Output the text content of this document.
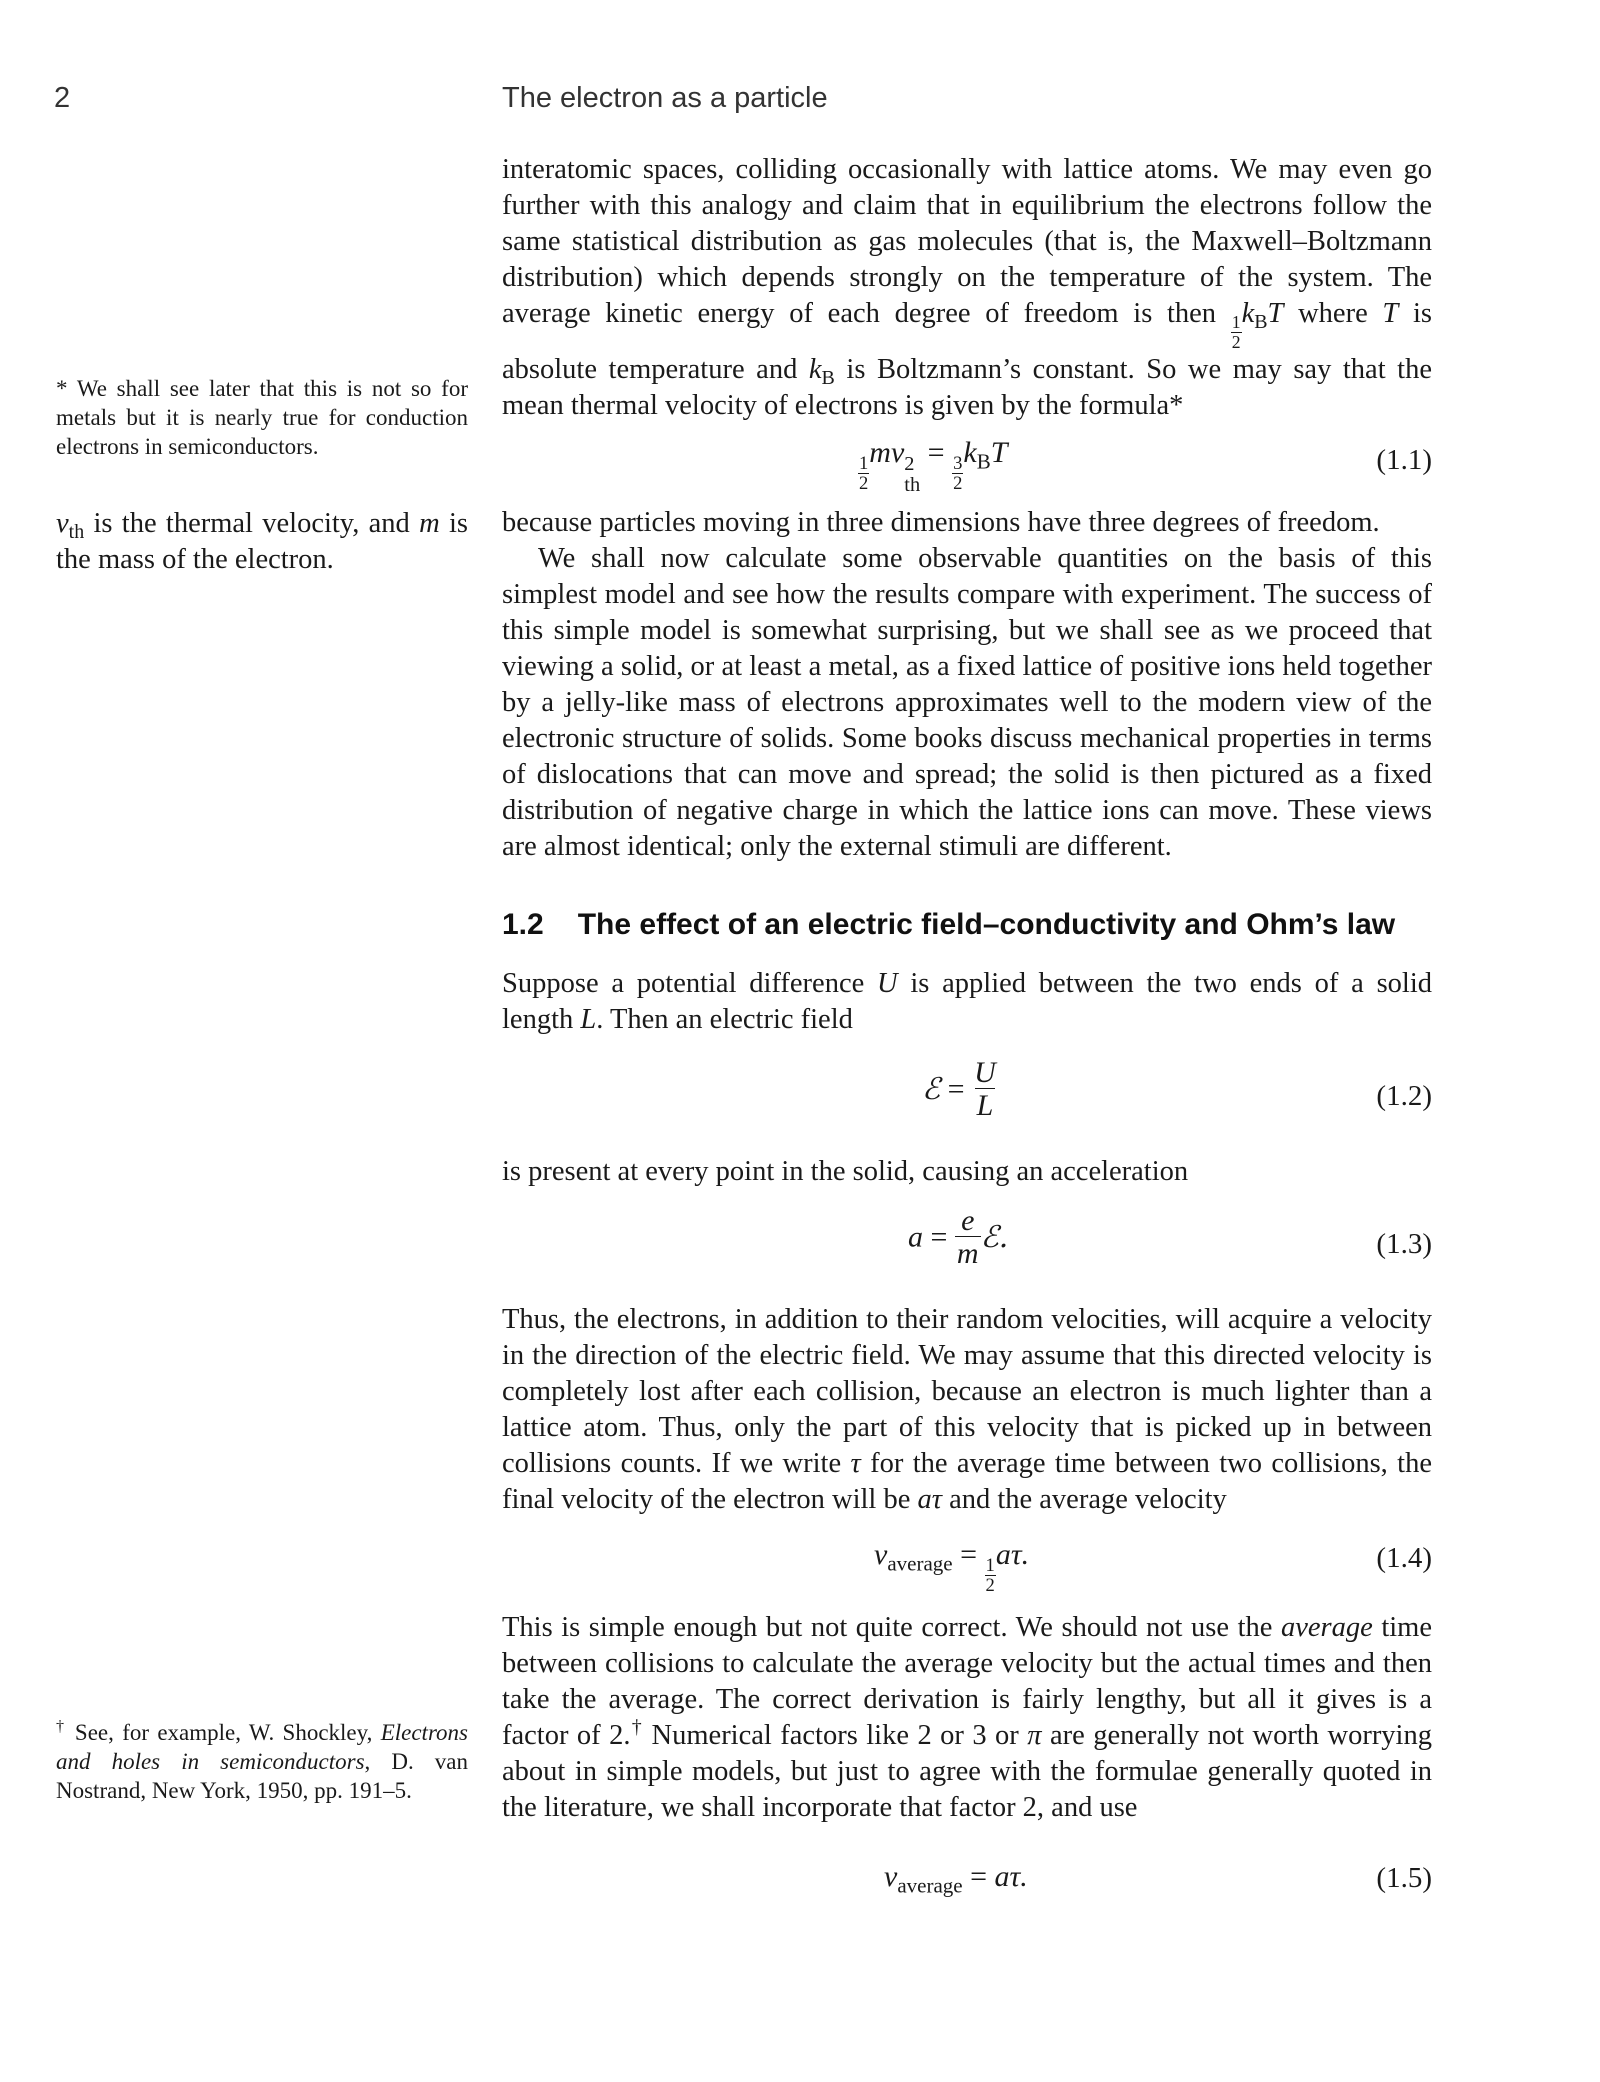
2	The electron as a particle
* We shall see later that this is not so for metals but it is nearly true for conduction electrons in semiconductors.
$v_{th}$ is the thermal velocity, and m is the mass of the electron.
† See, for example, W. Shockley, Electrons and holes in semiconductors, D. van Nostrand, New York, 1950, pp. 191–5.

interatomic spaces, colliding occasionally with lattice atoms. We may even go further with this analogy and claim that in equilibrium the electrons follow the same statistical distribution as gas molecules (that is, the Maxwell–Boltzmann distribution) which depends strongly on the temperature of the system. The average kinetic energy of each degree of freedom is then
$\frac{1}{2}$
$k_BT$ where T is absolute temperature and $k_B$ is Boltzmann’s constant. So we may say that the mean thermal velocity of electrons is given by the formula*

$\frac{1}{2}$
mv 2
th
=
$\frac{3}{2}$
$k_BT$	(1.1)

because particles moving in three dimensions have three degrees of freedom.

We shall now calculate some observable quantities on the basis of this simplest model and see how the results compare with experiment. The success of this simple model is somewhat surprising, but we shall see as we proceed that viewing a solid, or at least a metal, as a fixed lattice of positive ions held together by a jelly-like mass of electrons approximates well to the modern view of the electronic structure of solids. Some books discuss mechanical properties in terms of dislocations that can move and spread; the solid is then pictured as a fixed distribution of negative charge in which the lattice ions can move. These views are almost identical; only the external stimuli are different.

1.2 The effect of an electric field–conductivity and Ohm’s law

Suppose a potential difference U is applied between the two ends of a solid length L. Then an electric field

ℰ = $\frac{U}{L}$	(1.2)

is present at every point in the solid, causing an acceleration

$a = \frac{e}{m}$ ℰ.	(1.3)

Thus, the electrons, in addition to their random velocities, will acquire a velocity in the direction of the electric field. We may assume that this directed velocity is completely lost after each collision, because an electron is much lighter than a lattice atom. Thus, only the part of this velocity that is picked up in between collisions counts. If we write τ for the average time between two collisions, the final velocity of the electron will be aτ and the average velocity

$v_{average}$ =
$\frac{1}{2}$
aτ.	(1.4)

This is simple enough but not quite correct. We should not use the average time between collisions to calculate the average velocity but the actual times and then take the average. The correct derivation is fairly lengthy, but all it gives is a factor of 2.† Numerical factors like 2 or 3 or π are generally not worth worrying about in simple models, but just to agree with the formulae generally quoted in the literature, we shall incorporate that factor 2, and use

$v_{average} = a\tau$.	(1.5)
